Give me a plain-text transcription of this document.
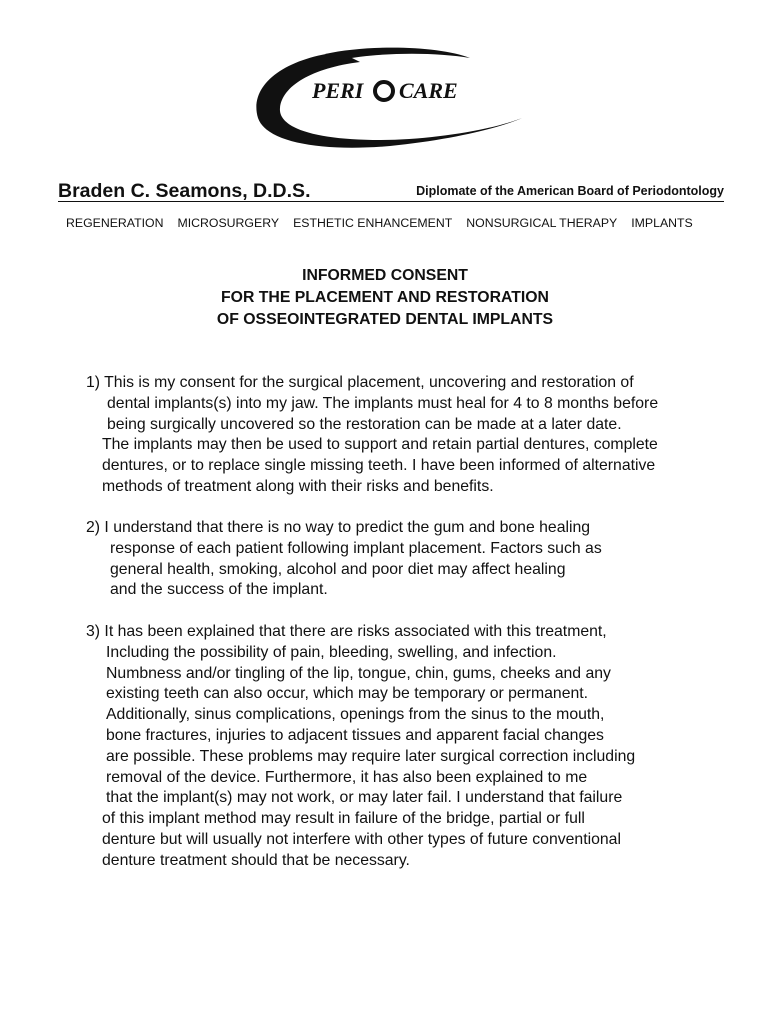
PERI CARE
Braden C. Seamons, D.D.S.	Diplomate of the American Board of Periodontology
REGENERATION MICROSURGERY ESTHETIC ENHANCEMENT NONSURGICAL THERAPY IMPLANTS
INFORMED CONSENT
FOR THE PLACEMENT AND RESTORATION
OF OSSEOINTEGRATED DENTAL IMPLANTS
1) This is my consent for the surgical placement, uncovering and restoration of
dental implants(s) into my jaw. The implants must heal for 4 to 8 months before
being surgically uncovered so the restoration can be made at a later date.
The implants may then be used to support and retain partial dentures, complete
dentures, or to replace single missing teeth. I have been informed of alternative
methods of treatment along with their risks and benefits.
2) I understand that there is no way to predict the gum and bone healing
response of each patient following implant placement. Factors such as
general health, smoking, alcohol and poor diet may affect healing
and the success of the implant.
3) It has been explained that there are risks associated with this treatment,
Including the possibility of pain, bleeding, swelling, and infection.
Numbness and/or tingling of the lip, tongue, chin, gums, cheeks and any
existing teeth can also occur, which may be temporary or permanent.
Additionally, sinus complications, openings from the sinus to the mouth,
bone fractures, injuries to adjacent tissues and apparent facial changes
are possible. These problems may require later surgical correction including
removal of the device. Furthermore, it has also been explained to me
that the implant(s) may not work, or may later fail. I understand that failure
of this implant method may result in failure of the bridge, partial or full
denture but will usually not interfere with other types of future conventional
denture treatment should that be necessary.
